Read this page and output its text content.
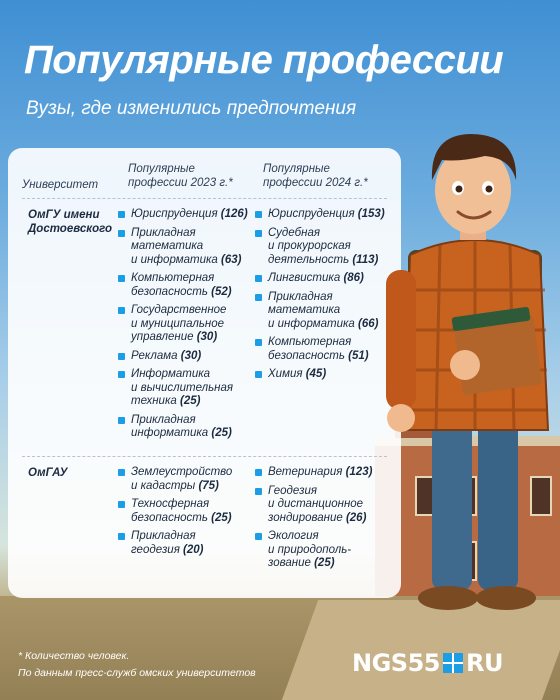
Популярные профессии

Вузы, где изменились предпочтения

Университет
Популярные
профессии 2023 г.*
Популярные
профессии 2024 г.*
ОмГУ имени
Достоевского
Юриспруденция (126)
Прикладная
математика
и информатика (63)
Компьютерная
безопасность (52)
Государственное
и муниципальное
управление (30)
Реклама (30)
Информатика
и вычислительная
техника (25)
Прикладная
информатика (25)
Юриспруденция (153)
Судебная
и прокурорская
деятельность (113)
Лингвистика (86)
Прикладная
математика
и информатика (66)
Компьютерная
безопасность (51)
Химия (45)
ОмГАУ	Землеустройство
и кадастры (75)
Техносферная
безопасность (25)
Прикладная
геодезия (20)
Ветеринария (123)
Геодезия
и дистанционное
зондирование (26)
Экология
и природополь-
зование (25)
* Количество человек.
По данным пресс-служб омских университетов	NGS55 RU
